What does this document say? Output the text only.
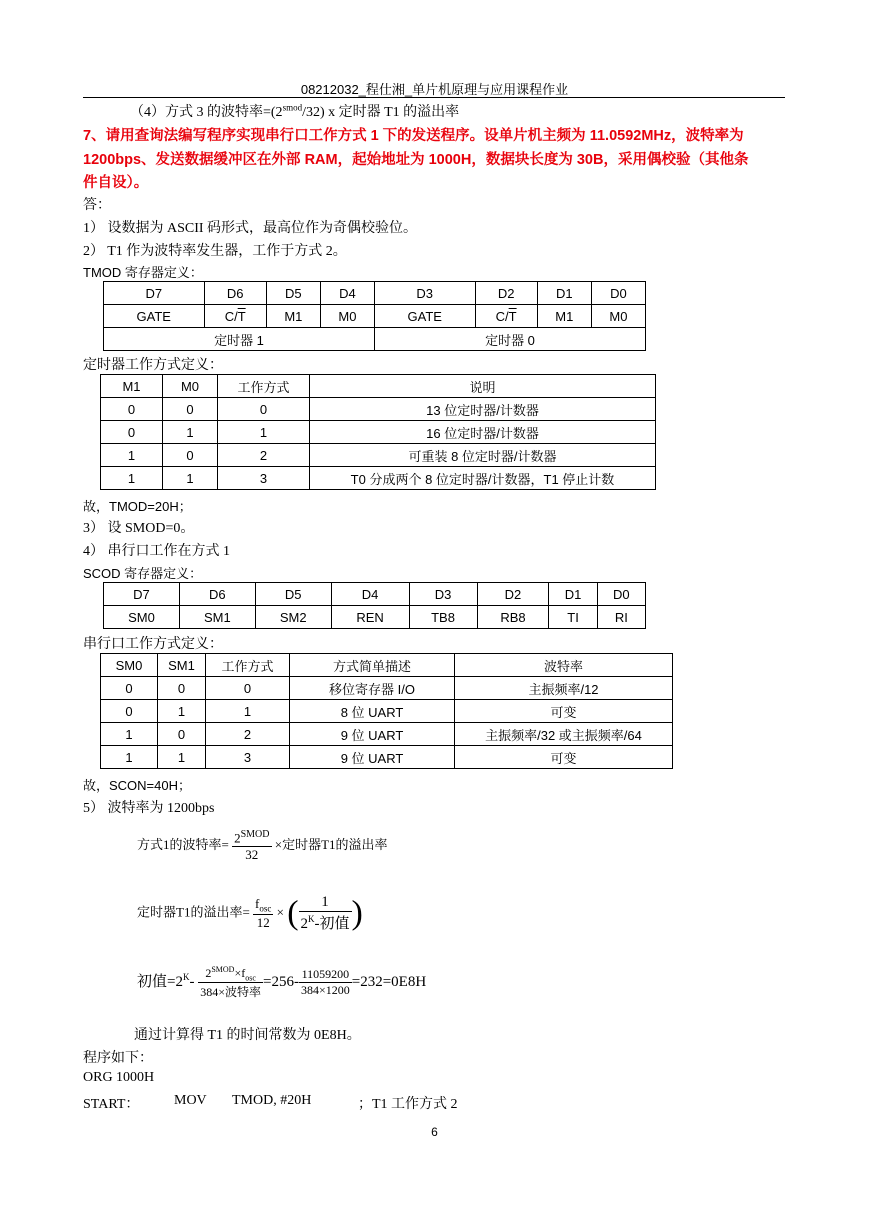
08212032_程仕湘_单片机原理与应用课程作业
（4）方式 3 的波特率$=(2^{smod}/32)$ x 定时器 T1 的溢出率
7、请用查询法编写程序实现串行口工作方式 1 下的发送程序。设单片机主频为 11.0592MHz，波特率为
1200bps、发送数据缓冲区在外部 RAM，起始地址为 1000H，数据块长度为 30B，采用偶校验（其他条
件自设）。
答：
1） 设数据为 ASCII 码形式，最高位作为奇偶校验位。
2） T1 作为波特率发生器，工作于方式 2。
TMOD 寄存器定义：
D7	D6	D5	D4	D3	D2	D1	D0
GATE	$C/\overline{T}$	M1	M0	GATE	$C/\overline{T}$	M1	M0
定时器 1				定时器 0			
定时器工作方式定义：
M1	M0	工作方式	说明
0	0	0	13 位定时器/计数器
0	1	1	16 位定时器/计数器
1	0	2	可重装 8 位定时器/计数器
1	1	3	T0 分成两个 8 位定时器/计数器，T1 停止计数
故，TMOD=20H；
3） 设 SMOD=0。
4） 串行口工作在方式 1
SCOD 寄存器定义：
D7	D6	D5	D4	D3	D2	D1	D0
SM0	SM1	SM2	REN	TB8	RB8	TI	RI
串行口工作方式定义：
SM0	SM1	工作方式	方式简单描述	波特率
0	0	0	移位寄存器 I/O	主振频率/12
0	1	1	8 位 UART	可变
1	0	2	9 位 UART	主振频率/32 或主振频率/64
1	1	3	9 位 UART	可变
故，SCON=40H；
5） 波特率为 1200bps
方式1的波特率= $\frac{2^{SMOD}}{32}$ ×定时器T1的溢出率
定时器T1的溢出率= $\frac{f_{osc}}{12}$ × ( $\frac{1}{2^K-初值}$ )
初值$=2^K- \frac{2^{SMOD}\times f_{osc}}{\text{384×波特率}} =256- \frac{11059200}{384\times 1200} =232=0E8H$
通过计算得 T1 的时间常数为 0E8H。
程序如下：
ORG 1000H
START： MOV TMOD, #20H	；T1 工作方式 2
6
